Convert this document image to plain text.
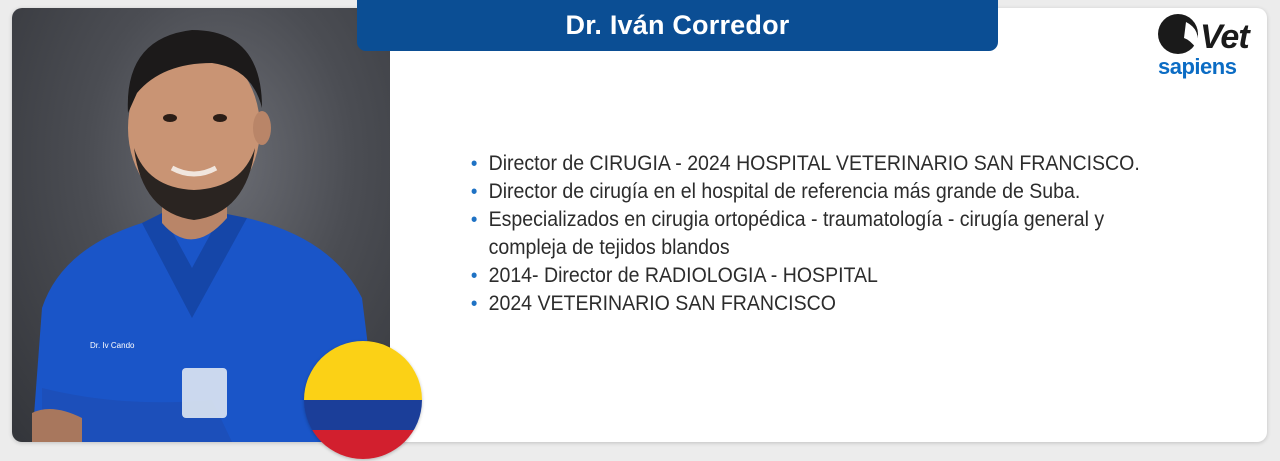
Dr. Iv Cando
Dr. Iván Corredor	Vet
sapiens
• Director de CIRUGIA - 2024 HOSPITAL VETERINARIO SAN FRANCISCO.
• Director de cirugía en el hospital de referencia más grande de Suba.
• Especializados en cirugia ortopédica - traumatología - cirugía general y compleja de tejidos blandos
• 2014- Director de RADIOLOGIA - HOSPITAL
• 2024 VETERINARIO SAN FRANCISCO
